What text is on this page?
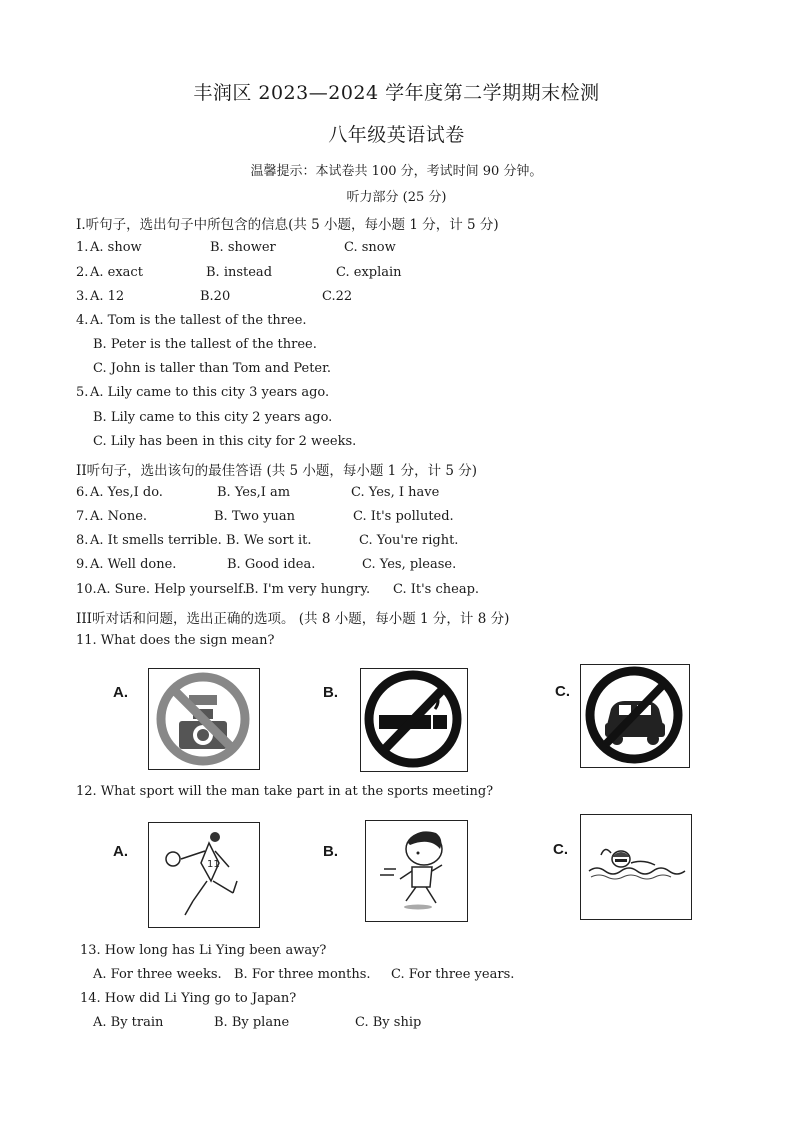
丰润区 2023—2024 学年度第二学期期末检测
八年级英语试卷
温馨提示：本试卷共 100 分，考试时间 90 分钟。
听力部分 (25 分)
I.听句子，选出句子中所包含的信息(共 5 小题，每小题 1 分，计 5 分)
1. A. show	B. shower	C. snow
2. A. exact	B. instead	C. explain
3. A. 12	B.20	C.22
4. A. Tom is the tallest of the three.
B. Peter is the tallest of the three.
C. John is taller than Tom and Peter.
5. A. Lily came to this city 3 years ago.
B. Lily came to this city 2 years ago.
C. Lily has been in this city for 2 weeks.
II听句子，选出该句的最佳答语 (共 5 小题，每小题 1 分，计 5 分)
6. A. Yes,I do.	B. Yes,I am	C. Yes, I have
7. A. None.	B. Two yuan	C. It's polluted.
8. A. It smells terrible. B. We sort it.	C. You're right.
9. A. Well done.	B. Good idea.	C. Yes, please.
10. A. Sure. Help yourself.
B. I'm very hungry. C. It's cheap.
III听对话和问题，选出正确的选项。 (共 8 小题，每小题 1 分，计 8 分)
11. What does the sign mean?
A.	B.	C.
12. What sport will the man take part in at the sports meeting?
A.
11
B.	C.
13. How long has Li Ying been away?
A. For three weeks. B. For three months. C. For three years.
14. How did Li Ying go to Japan?
A. By train	B. By plane	C. By ship
